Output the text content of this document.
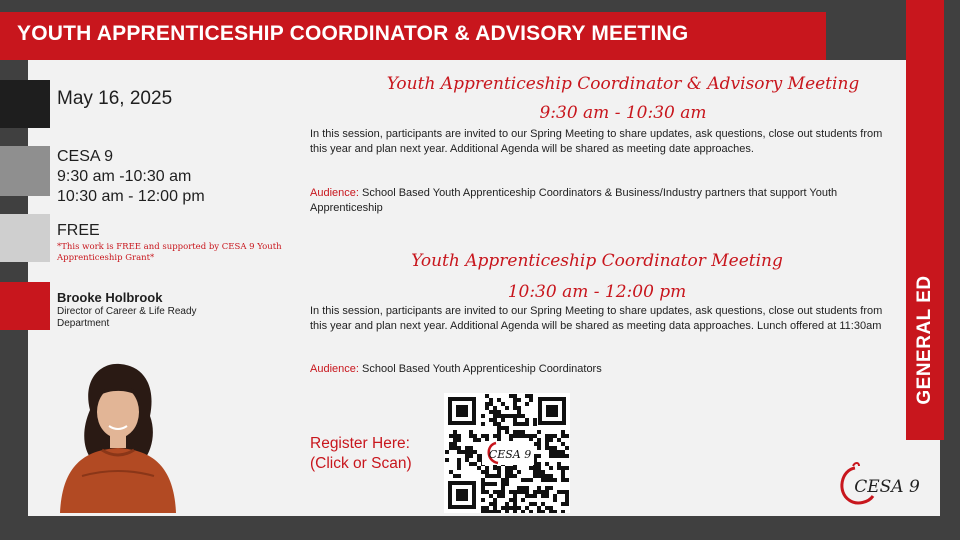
YOUTH APPRENTICESHIP COORDINATOR & ADVISORY MEETING
GENERAL ED
May 16, 2025
CESA 9
9:30 am -10:30 am
10:30 am - 12:00 pm
FREE
*This work is FREE and supported by CESA 9 Youth Apprenticeship Grant*
Brooke Holbrook
Director of Career & Life Ready Department
Youth Apprenticeship Coordinator & Advisory Meeting
9:30 am - 10:30 am
In this session, participants are invited to our Spring Meeting to share updates, ask questions, close out students from this year and plan next year. Additional Agenda will be shared as meeting date approaches.
Audience: School Based Youth Apprenticeship Coordinators & Business/Industry partners that support Youth Apprenticeship
Youth Apprenticeship Coordinator Meeting
10:30 am - 12:00 pm
In this session, participants are invited to our Spring Meeting to share updates, ask questions, close out students from this year and plan next year. Additional Agenda will be shared as meeting data approaches. Lunch offered at 11:30am
Audience: School Based Youth Apprenticeship Coordinators
Register Here:
(Click or Scan)
CESA 9
CESA 9
